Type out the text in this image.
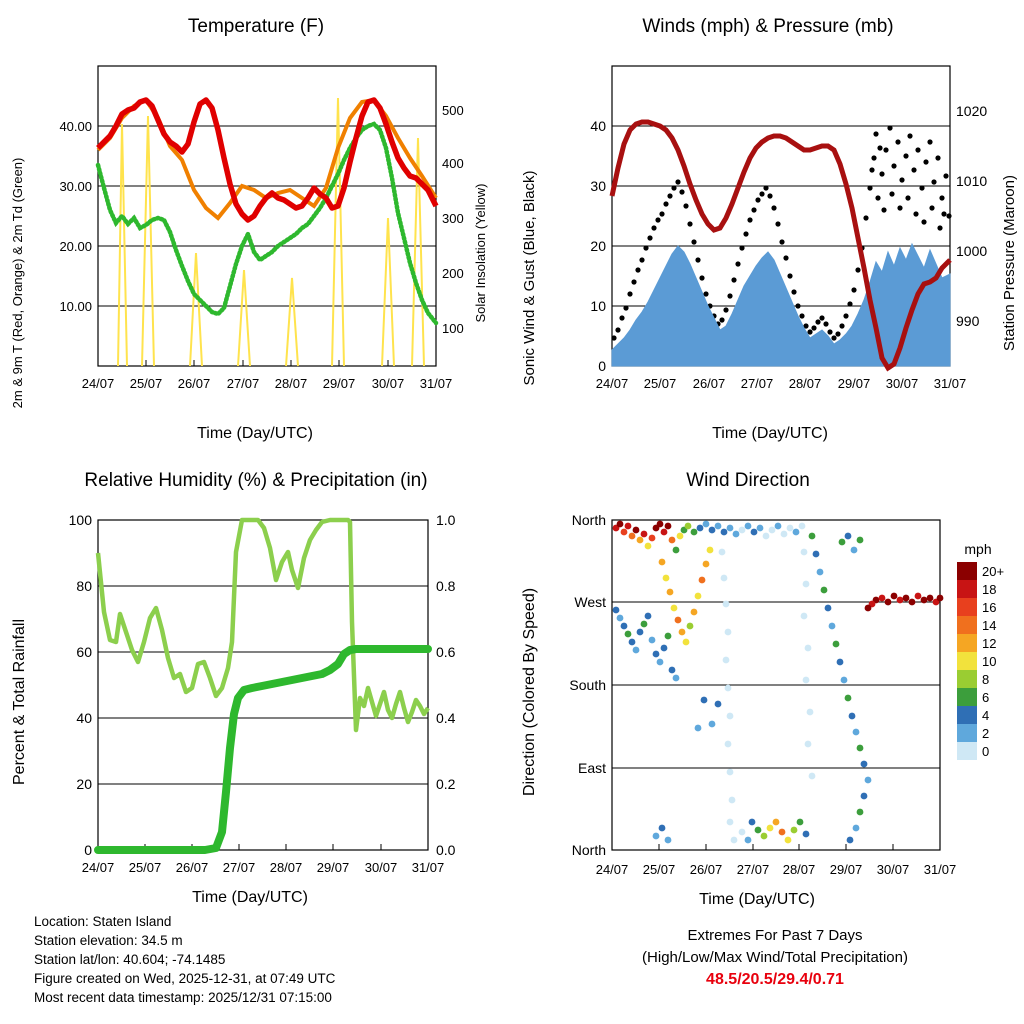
Temperature (F)
2m & 9m T (Red, Orange) & 2m Td (Green)	Solar Insolation (Yellow)
Time (Day/UTC)
10.00
20.00
30.00
40.00
100
200
300
400
500
24/07 25/07 26/07 27/07 28/07 29/07 30/07 31/07
Winds (mph) & Pressure (mb)
Sonic Wind & Gust (Blue, Black)	Station Pressure (Maroon)
Time (Day/UTC)
0
10
20
30
40
990
1000
1010
1020
24/07 25/07 26/07 27/07 28/07 29/07 30/07 31/07
Relative Humidity (%) & Precipitation (in)
Percent & Total Rainfall
Time (Day/UTC)
100
80
60
40
20
0
1.0
0.8
0.6
0.4
0.2
0.0
24/07 25/07 26/07 27/07 28/07 29/07 30/07 31/07
Wind Direction
Direction (Colored By Speed)
Time (Day/UTC)
North
West
South
East
North
24/07 25/07 26/07 27/07 28/07 29/07 30/07 31/07
mph
20+
18
16
14
12
10
8
6
4
2
0
Location: Staten Island
Station elevation: 34.5 m
Station lat/lon: 40.604; -74.1485
Figure created on Wed, 2025-12-31, at 07:49 UTC
Most recent data timestamp: 2025/12/31 07:15:00
Extremes For Past 7 Days
(High/Low/Max Wind/Total Precipitation)
48.5/20.5/29.4/0.71
